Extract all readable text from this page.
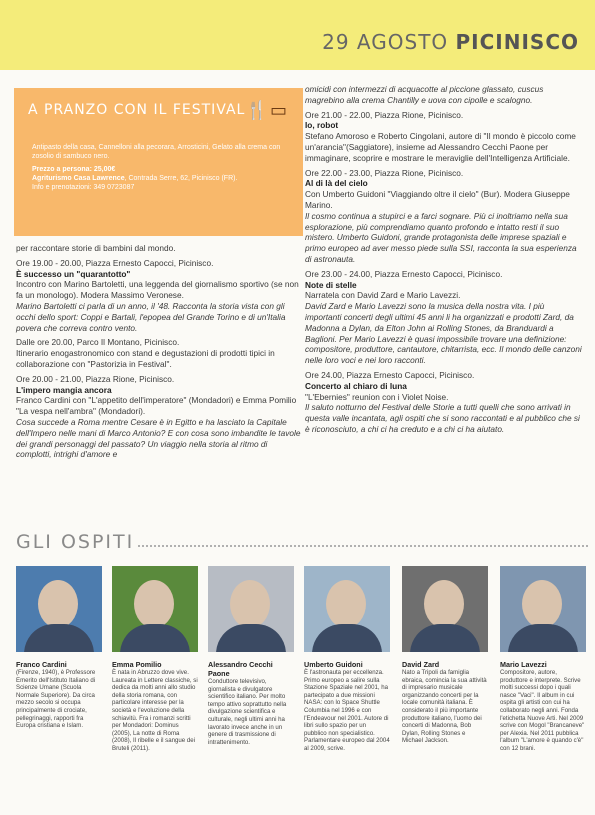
29 AGOSTO PICINISCO
A PRANZO CON IL FESTIVAL 🍴▭
Antipasto della casa, Cannelloni alla pecorara, Arrosticini, Gelato alla crema con zosolio di sambuco nero.
Prezzo a persona: 25,00€
Agriturismo Casa Lawrence, Contrada Serre, 62, Picinisco (FR).
Info e prenotazioni: 349 0723087

per raccontare storie di bambini dal mondo.

Ore 19.00 - 20.00, Piazza Ernesto Capocci, Picinisco.
È successo un "quarantotto"
Incontro con Marino Bartoletti, una leggenda del giornalismo sportivo (se non fa un monologo). Modera Massimo Veronese.
Marino Bartoletti ci parla di un anno, il '48. Racconta la storia vista con gli occhi dello sport: Coppi e Bartali, l'epopea del Grande Torino e di un'Italia povera che correva contro vento.

Dalle ore 20.00, Parco Il Montano, Picinisco.
Itinerario enogastronomico con stand e degustazioni di prodotti tipici in collaborazione con "Pastorizia in Festival".

Ore 20.00 - 21.00, Piazza Rione, Picinisco.
L'impero mangia ancora
Franco Cardini con "L'appetito dell'imperatore" (Mondadori) e Emma Pomilio "La vespa nell'ambra" (Mondadori).
Cosa succede a Roma mentre Cesare è in Egitto e ha lasciato la Capitale dell'Impero nelle mani di Marco Antonio? E con cosa sono imbandite le tavole dei grandi personaggi del passato? Un viaggio nella storia al ritmo di complotti, intrighi d'amore e

omicidi con intermezzi di acquacotte al piccione glassato, cuscus magrebino alla crema Chantilly e uova con cipolle e scalogno.

Ore 21.00 - 22.00, Piazza Rione, Picinisco.
Io, robot
Stefano Amoroso e Roberto Cingolani, autore di "Il mondo è piccolo come un'arancia"(Saggiatore), insieme ad Alessandro Cecchi Paone per immaginare, scoprire e mostrare le meraviglie dell'Intelligenza Artificiale.

Ore 22.00 - 23.00, Piazza Rione, Picinisco.
Al di là del cielo
Con Umberto Guidoni "Viaggiando oltre il cielo" (Bur). Modera Giuseppe Marino.
Il cosmo continua a stupirci e a farci sognare. Più ci inoltriamo nella sua esplorazione, più comprendiamo quanto profondo e intatto resti il suo mistero. Umberto Guidoni, grande protagonista delle imprese spaziali e primo europeo ad aver messo piede sulla SSI, racconta la sua esperienza di astronauta.

Ore 23.00 - 24.00, Piazza Ernesto Capocci, Picinisco.
Note di stelle
Narratela con David Zard e Mario Lavezzi.
David Zard e Mario Lavezzi sono la musica della nostra vita. I più importanti concerti degli ultimi 45 anni li ha organizzati e prodotti Zard, da Madonna a Dylan, da Elton John ai Rolling Stones, da Branduardi a Baglioni. Per Mario Lavezzi è quasi impossibile trovare una definizione: compositore, produttore, cantautore, chitarrista, ecc. Il mondo delle canzoni nelle loro voci e nei loro racconti.

Ore 24.00, Piazza Ernesto Capocci, Picinisco.
Concerto al chiaro di luna
"L'Ebernies" reunion con i Violet Noise.
Il saluto notturno del Festival delle Storie a tutti quelli che sono arrivati in questa valle incantata, agli ospiti che si sono raccontati e al pubblico che si è riconosciuto, a chi ci ha creduto e a chi ci ha aiutato.

GLI OSPITI
Franco Cardini
(Firenze, 1940), è Professore Emerito dell'Istituto Italiano di Scienze Umane (Scuola Normale Superiore). Da circa mezzo secolo si occupa principalmente di crociate, pellegrinaggi, rapporti fra Europa cristiana e Islam.
Emma Pomilio
È nata in Abruzzo dove vive. Laureata in Lettere classiche, si dedica da molti anni allo studio della storia romana, con particolare interesse per la società e l'evoluzione della schiavitù. Fra i romanzi scritti per Mondadori: Dominus (2005), La notte di Roma (2008), Il ribelle e il sangue dei Bruteli (2011).
Alessandro Cecchi Paone
Conduttore televisivo, giornalista e divulgatore scientifico italiano. Per molto tempo attivo soprattutto nella divulgazione scientifica e culturale, negli ultimi anni ha lavorato invece anche in un genere di trasmissione di intrattenimento.
Umberto Guidoni
È l'astronauta per eccellenza. Primo europeo a salire sulla Stazione Spaziale nel 2001, ha partecipato a due missioni NASA: con lo Space Shuttle Columbia nel 1996 e con l'Endeavour nel 2001. Autore di libri sullo spazio per un pubblico non specialistico. Parlamentare europeo dal 2004 al 2009, scrive.
David Zard
Nato a Tripoli da famiglia ebraica, comincia la sua attività di impresario musicale organizzando concerti per la locale comunità italiana. È considerato il più importante produttore italiano, l'uomo dei concerti di Madonna, Bob Dylan, Rolling Stones e Michael Jackson.
Mario Lavezzi
Compositore, autore, produttore e interprete. Scrive molti successi dopo i quali nasce "Vaci". Il album in cui ospita gli artisti con cui ha collaborato negli anni. Fonda l'etichetta Nuove Arti. Nel 2009 scrive con Mogol "Brancaneve" per Alexia. Nel 2011 pubblica l'album "L'amore è quando c'è" con 12 brani.
